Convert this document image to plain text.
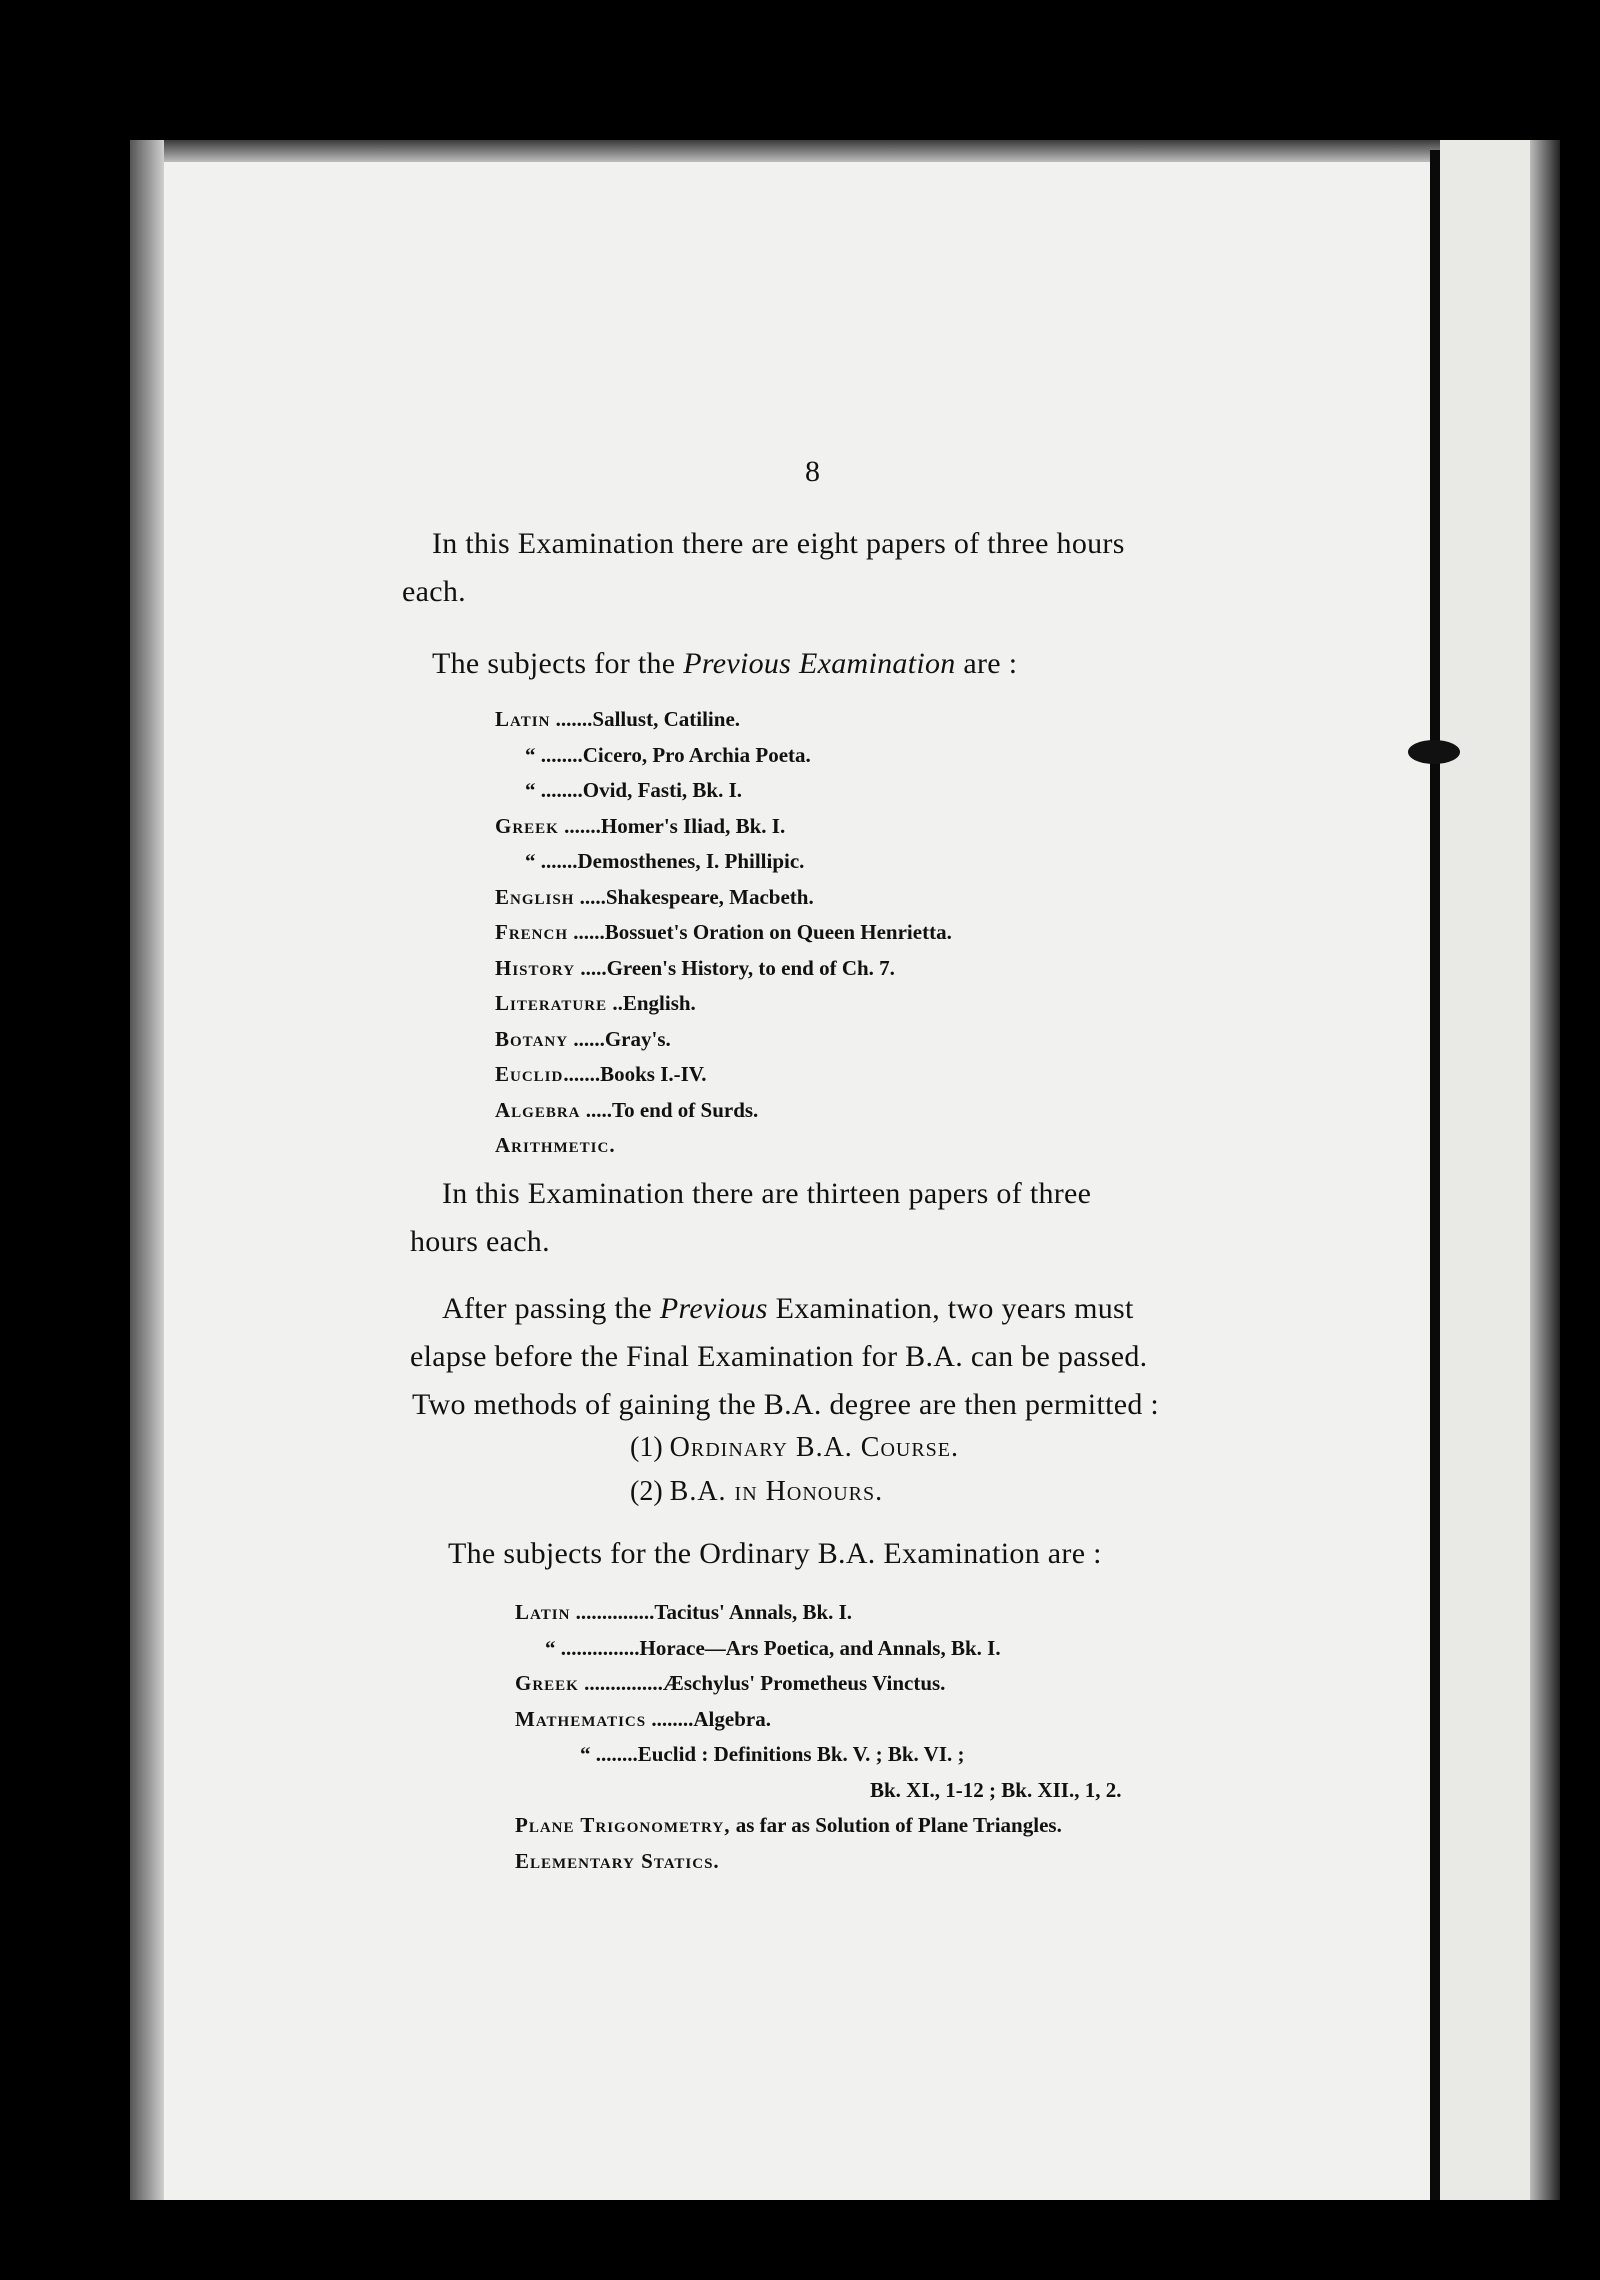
8
In this Examination there are eight papers of three hours
each.
The subjects for the Previous Examination are :
Latin .......Sallust, Catiline.
“ ........Cicero, Pro Archia Poeta.
“ ........Ovid, Fasti, Bk. I.
Greek .......Homer's Iliad, Bk. I.
“ .......Demosthenes, I. Phillipic.
English .....Shakespeare, Macbeth.
French ......Bossuet's Oration on Queen Henrietta.
History .....Green's History, to end of Ch. 7.
Literature ..English.
Botany ......Gray's.
Euclid.......Books I.-IV.
Algebra .....To end of Surds.
Arithmetic.
In this Examination there are thirteen papers of three
hours each.
After passing the Previous Examination, two years must
elapse before the Final Examination for B.A. can be passed.
Two methods of gaining the B.A. degree are then permitted :
(1) Ordinary B.A. Course.
(2) B.A. in Honours.
The subjects for the Ordinary B.A. Examination are :
Latin ...............Tacitus' Annals, Bk. I.
“ ...............Horace—Ars Poetica, and Annals, Bk. I.
Greek ...............Æschylus' Prometheus Vinctus.
Mathematics ........Algebra.
“ ........Euclid : Definitions Bk. V. ; Bk. VI. ;
Bk. XI., 1-12 ; Bk. XII., 1, 2.
Plane Trigonometry, as far as Solution of Plane Triangles.
Elementary Statics.
